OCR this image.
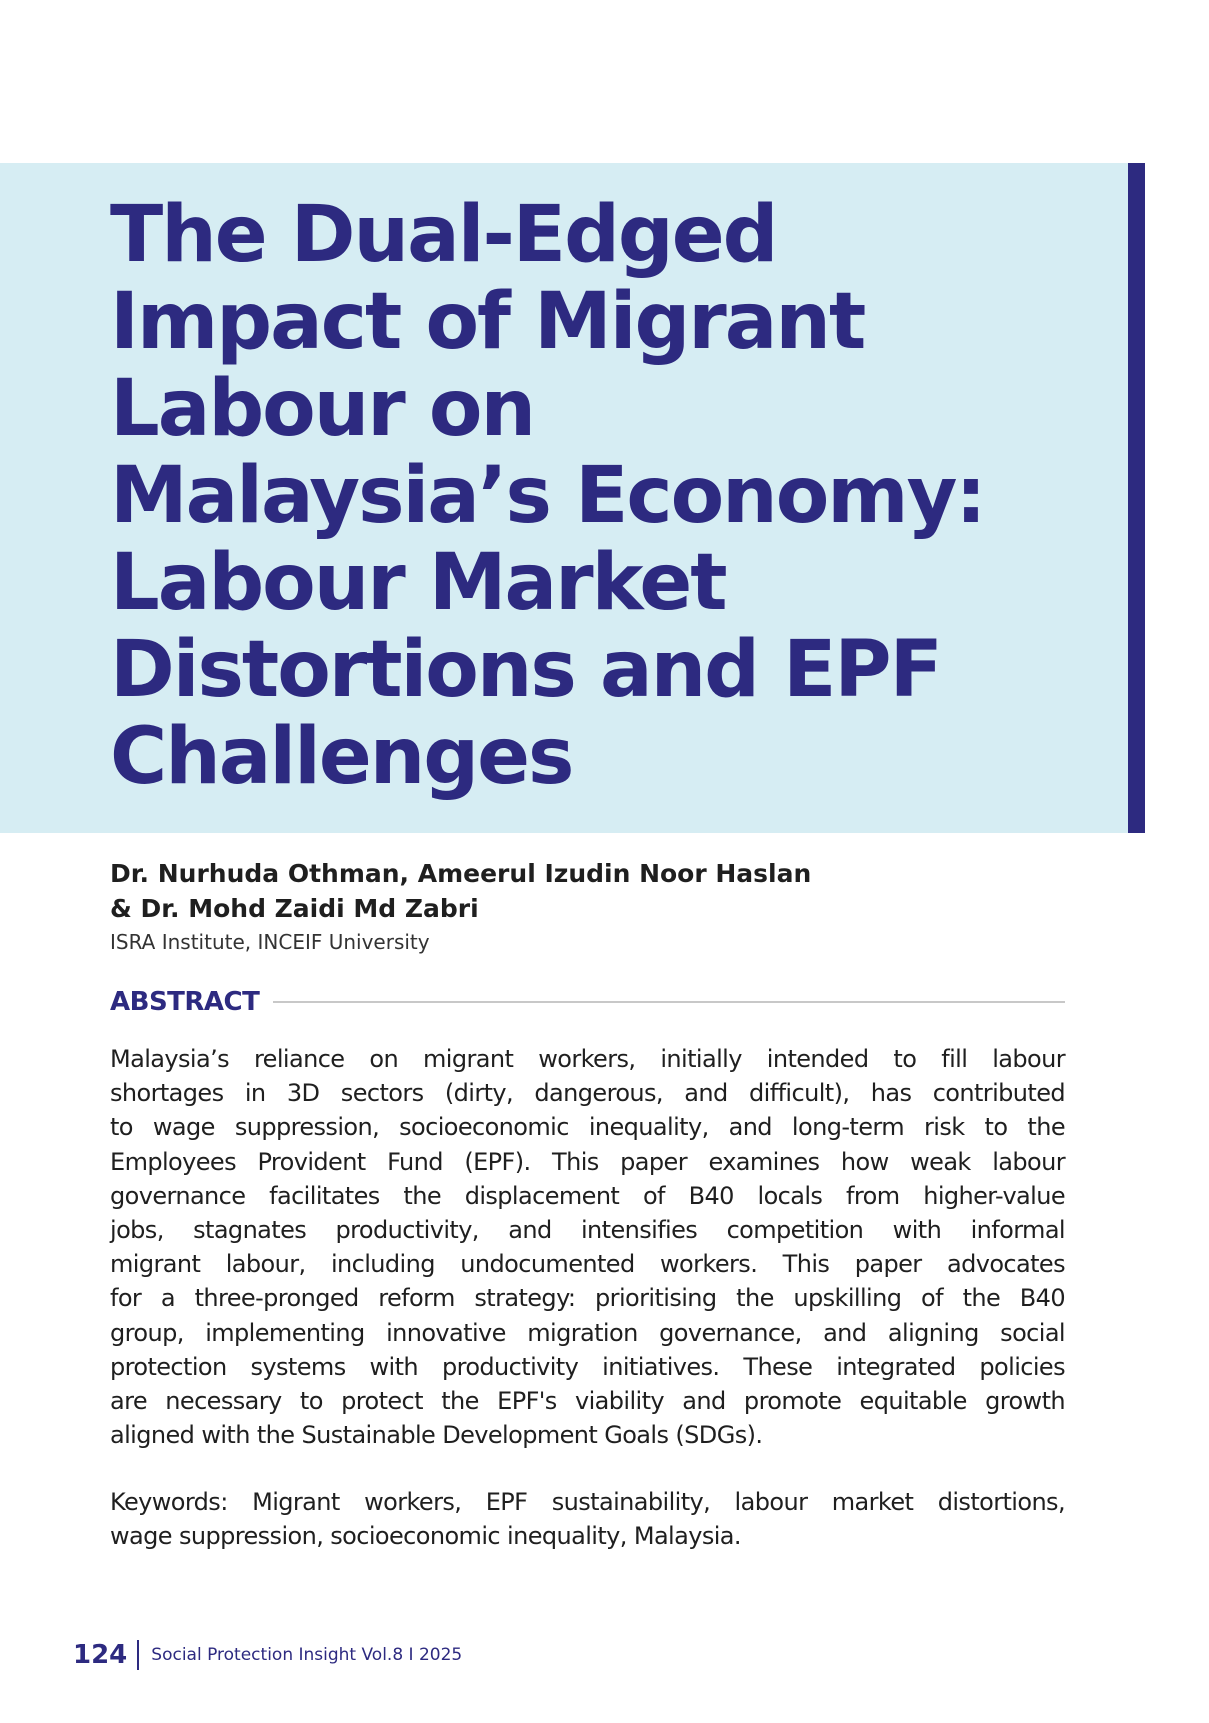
The Dual-Edged
Impact of Migrant
Labour on
Malaysia’s Economy:
Labour Market
Distortions and EPF
Challenges
Dr. Nurhuda Othman, Ameerul Izudin Noor Haslan
& Dr. Mohd Zaidi Md Zabri
ISRA Institute, INCEIF University
ABSTRACT
Malaysia’s reliance on migrant workers, initially intended to fill labour
shortages in 3D sectors (dirty, dangerous, and difficult), has contributed
to wage suppression, socioeconomic inequality, and long-term risk to the
Employees Provident Fund (EPF). This paper examines how weak labour
governance facilitates the displacement of B40 locals from higher-value
jobs, stagnates productivity, and intensifies competition with informal
migrant labour, including undocumented workers. This paper advocates
for a three-pronged reform strategy: prioritising the upskilling of the B40
group, implementing innovative migration governance, and aligning social
protection systems with productivity initiatives. These integrated policies
are necessary to protect the EPF's viability and promote equitable growth
aligned with the Sustainable Development Goals (SDGs).
Keywords: Migrant workers, EPF sustainability, labour market distortions,
wage suppression, socioeconomic inequality, Malaysia.
124 Social Protection Insight Vol.8 I 2025
